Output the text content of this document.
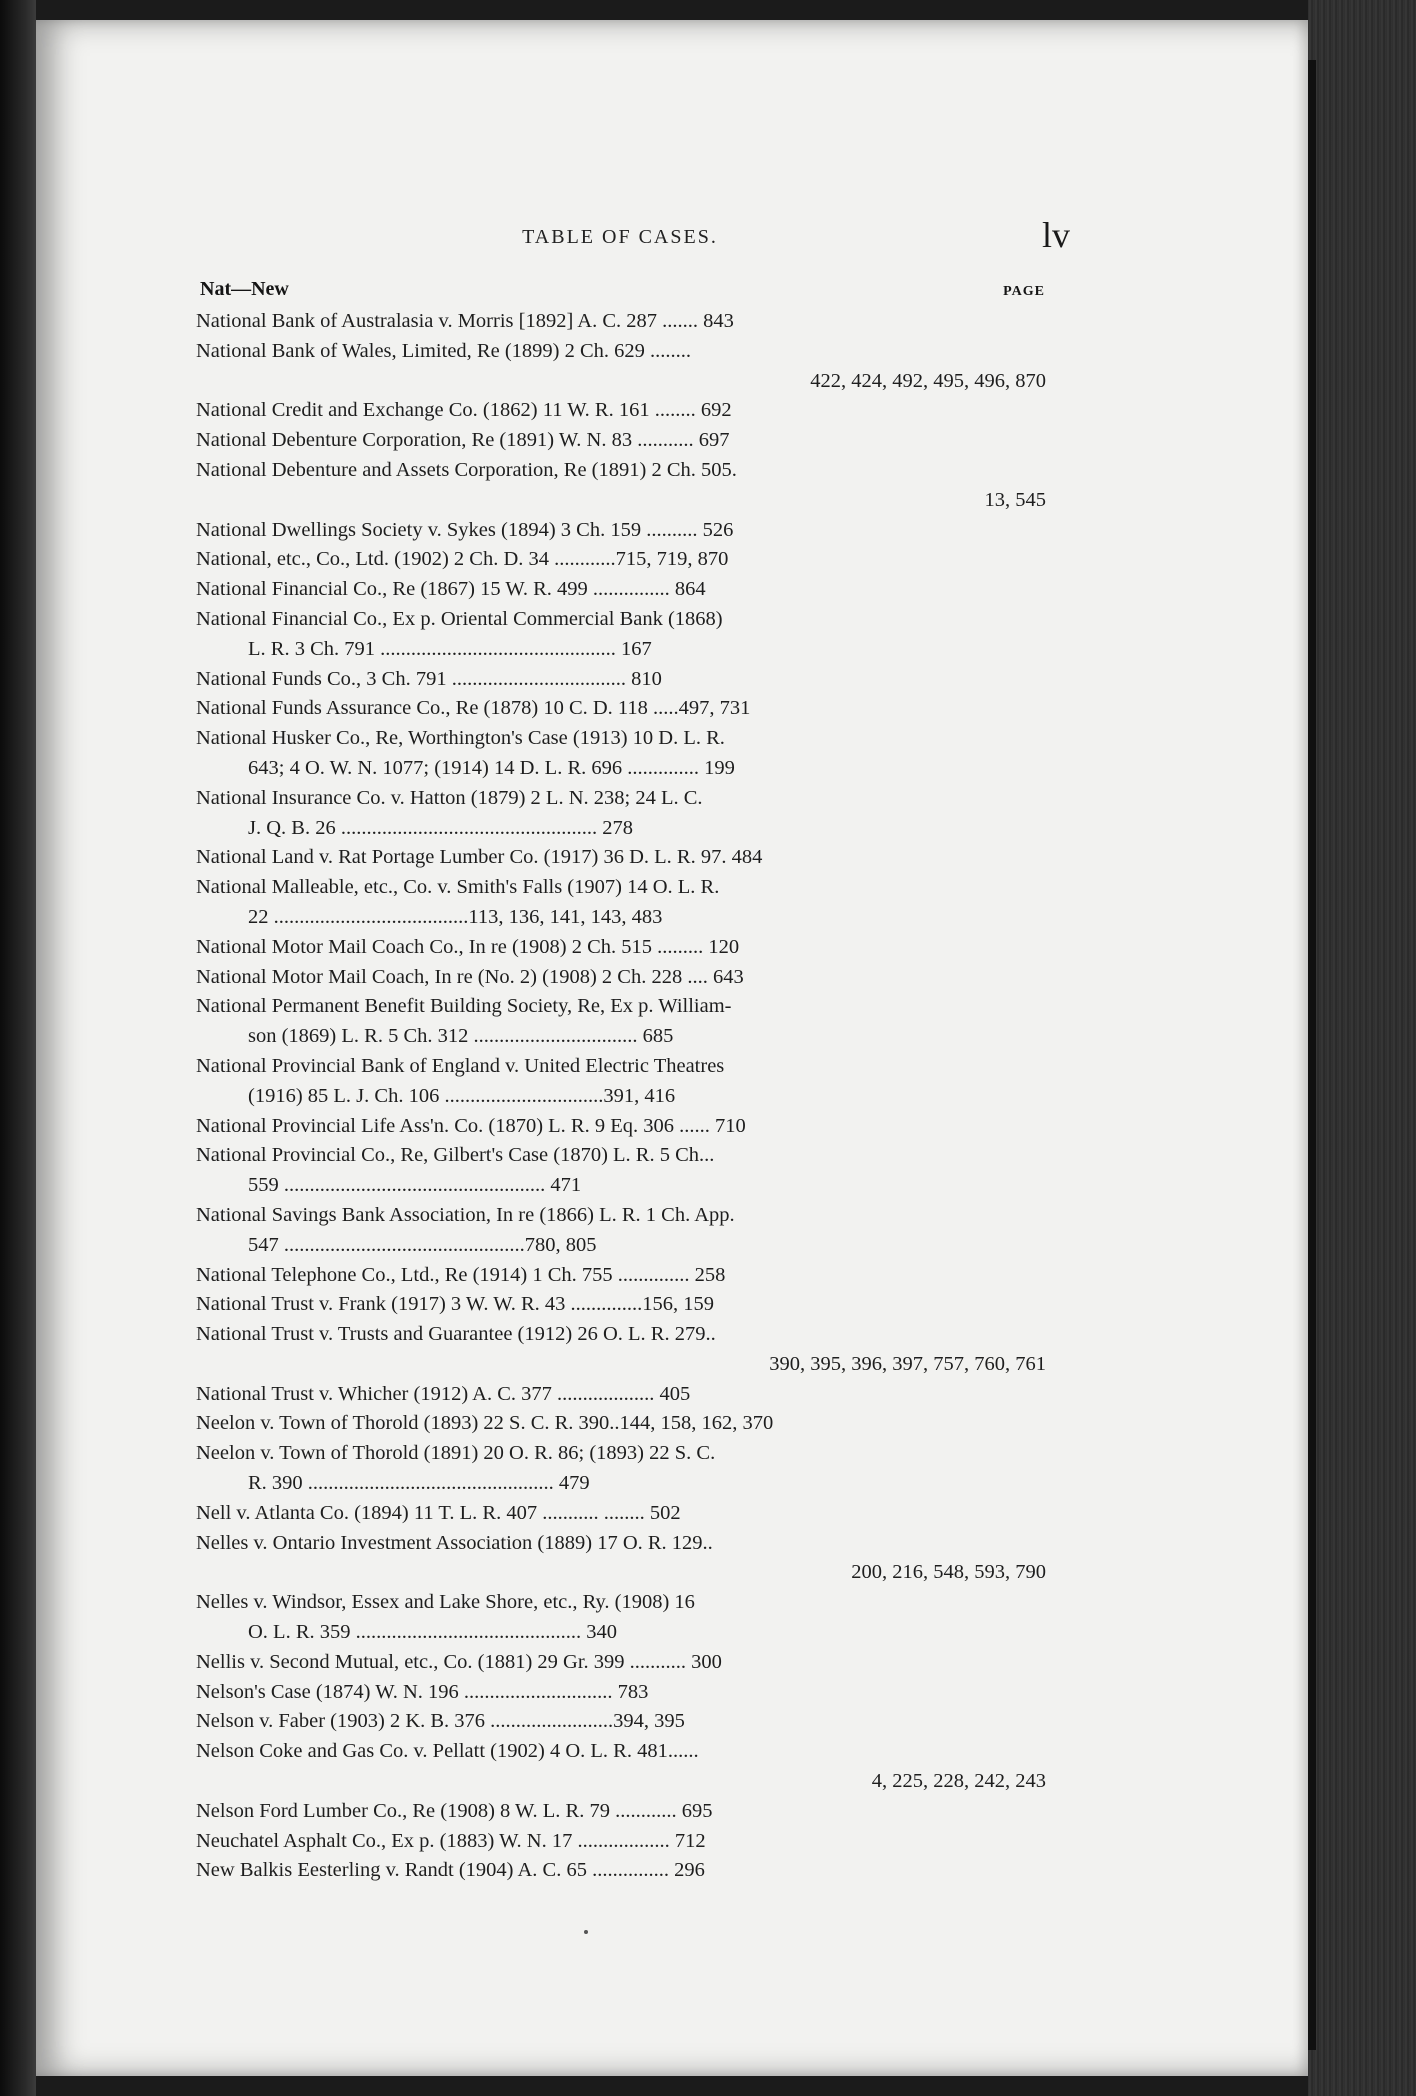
TABLE OF CASES.	lv
Nat—New	PAGE
National Bank of Australasia v. Morris [1892] A. C. 287 ....... 843
National Bank of Wales, Limited, Re (1899) 2 Ch. 629 ........
422, 424, 492, 495, 496, 870
National Credit and Exchange Co. (1862) 11 W. R. 161 ........ 692
National Debenture Corporation, Re (1891) W. N. 83 ........... 697
National Debenture and Assets Corporation, Re (1891) 2 Ch. 505.
13, 545
National Dwellings Society v. Sykes (1894) 3 Ch. 159 .......... 526
National, etc., Co., Ltd. (1902) 2 Ch. D. 34 ............715, 719, 870
National Financial Co., Re (1867) 15 W. R. 499 ............... 864
National Financial Co., Ex p. Oriental Commercial Bank (1868)
L. R. 3 Ch. 791 .............................................. 167
National Funds Co., 3 Ch. 791 .................................. 810
National Funds Assurance Co., Re (1878) 10 C. D. 118 .....497, 731
National Husker Co., Re, Worthington's Case (1913) 10 D. L. R.
643; 4 O. W. N. 1077; (1914) 14 D. L. R. 696 .............. 199
National Insurance Co. v. Hatton (1879) 2 L. N. 238; 24 L. C.
J. Q. B. 26 .................................................. 278
National Land v. Rat Portage Lumber Co. (1917) 36 D. L. R. 97. 484
National Malleable, etc., Co. v. Smith's Falls (1907) 14 O. L. R.
22 ......................................113, 136, 141, 143, 483
National Motor Mail Coach Co., In re (1908) 2 Ch. 515 ......... 120
National Motor Mail Coach, In re (No. 2) (1908) 2 Ch. 228 .... 643
National Permanent Benefit Building Society, Re, Ex p. William-
son (1869) L. R. 5 Ch. 312 ................................ 685
National Provincial Bank of England v. United Electric Theatres
(1916) 85 L. J. Ch. 106 ...............................391, 416
National Provincial Life Ass'n. Co. (1870) L. R. 9 Eq. 306 ...... 710
National Provincial Co., Re, Gilbert's Case (1870) L. R. 5 Ch...
559 ................................................... 471
National Savings Bank Association, In re (1866) L. R. 1 Ch. App.
547 ...............................................780, 805
National Telephone Co., Ltd., Re (1914) 1 Ch. 755 .............. 258
National Trust v. Frank (1917) 3 W. W. R. 43 ..............156, 159
National Trust v. Trusts and Guarantee (1912) 26 O. L. R. 279..
390, 395, 396, 397, 757, 760, 761
National Trust v. Whicher (1912) A. C. 377 ................... 405
Neelon v. Town of Thorold (1893) 22 S. C. R. 390..144, 158, 162, 370
Neelon v. Town of Thorold (1891) 20 O. R. 86; (1893) 22 S. C.
R. 390 ................................................ 479
Nell v. Atlanta Co. (1894) 11 T. L. R. 407 ........... ........ 502
Nelles v. Ontario Investment Association (1889) 17 O. R. 129..
200, 216, 548, 593, 790
Nelles v. Windsor, Essex and Lake Shore, etc., Ry. (1908) 16
O. L. R. 359 ............................................ 340
Nellis v. Second Mutual, etc., Co. (1881) 29 Gr. 399 ........... 300
Nelson's Case (1874) W. N. 196 ............................. 783
Nelson v. Faber (1903) 2 K. B. 376 ........................394, 395
Nelson Coke and Gas Co. v. Pellatt (1902) 4 O. L. R. 481......
4, 225, 228, 242, 243
Nelson Ford Lumber Co., Re (1908) 8 W. L. R. 79 ............ 695
Neuchatel Asphalt Co., Ex p. (1883) W. N. 17 .................. 712
New Balkis Eesterling v. Randt (1904) A. C. 65 ............... 296
